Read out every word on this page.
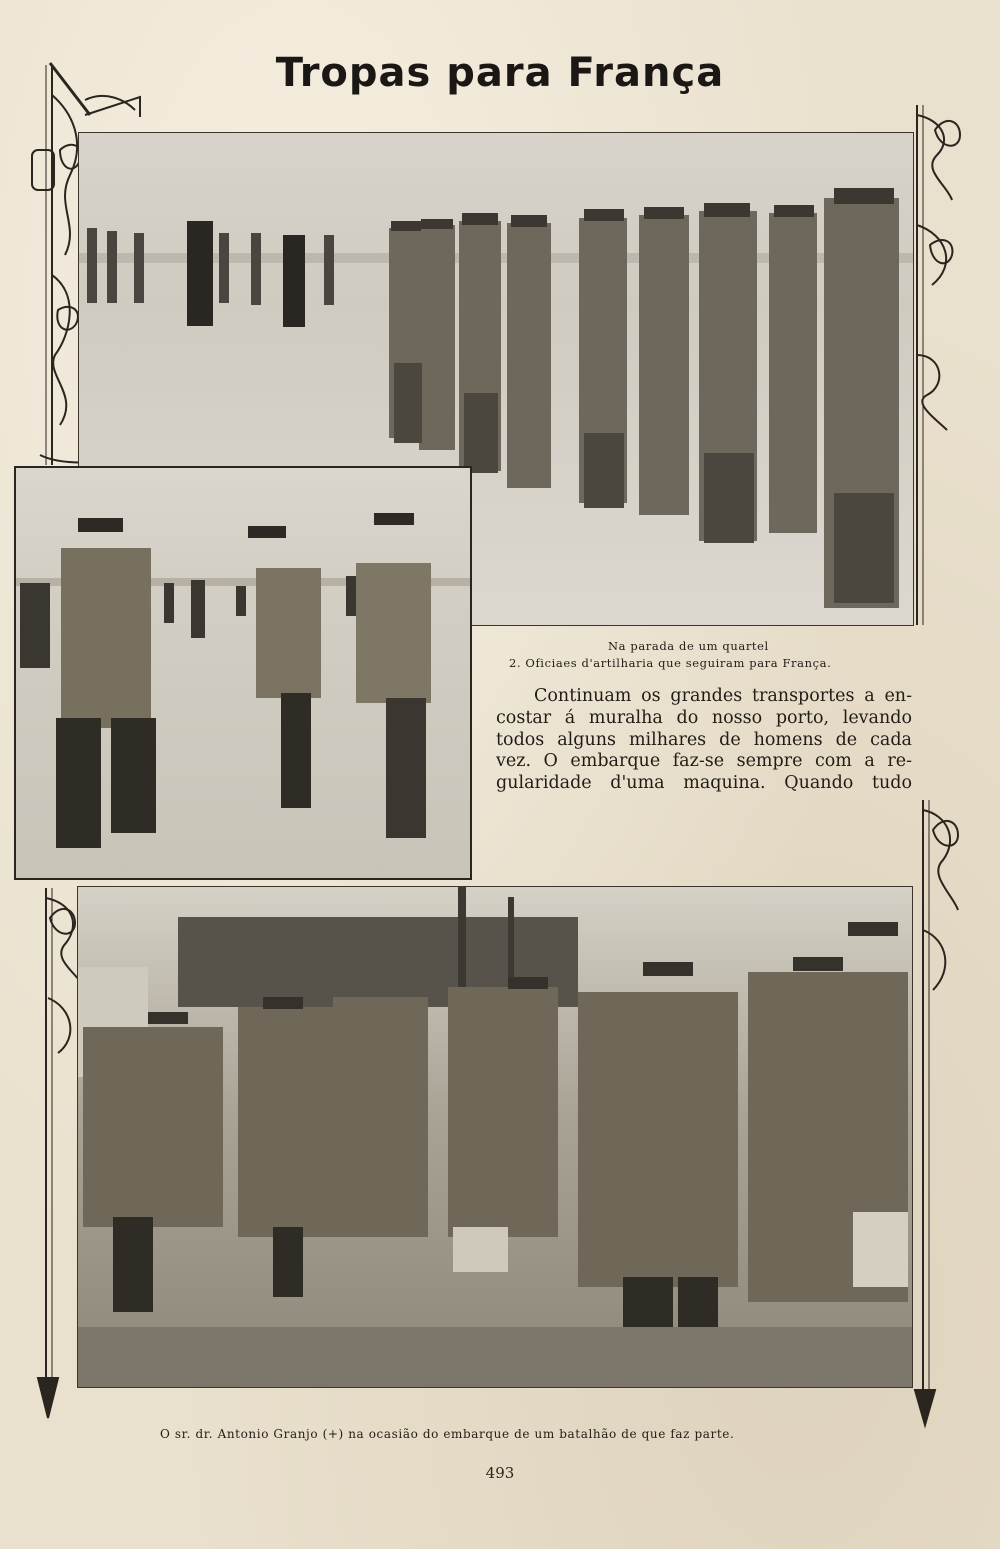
Tropas para França
Na parada de um quartel
2. Oficiaes d'artilharia que seguiram para França.
Continuam os grandes transportes a en-
costar á muralha do nosso porto, levando
todos alguns milhares de homens de cada
vez. O embarque faz-se sempre com a re-
gularidade d'uma maquina. Quando tudo
O sr. dr. Antonio Granjo (+) na ocasião do embarque de um batalhão de que faz parte.
493
